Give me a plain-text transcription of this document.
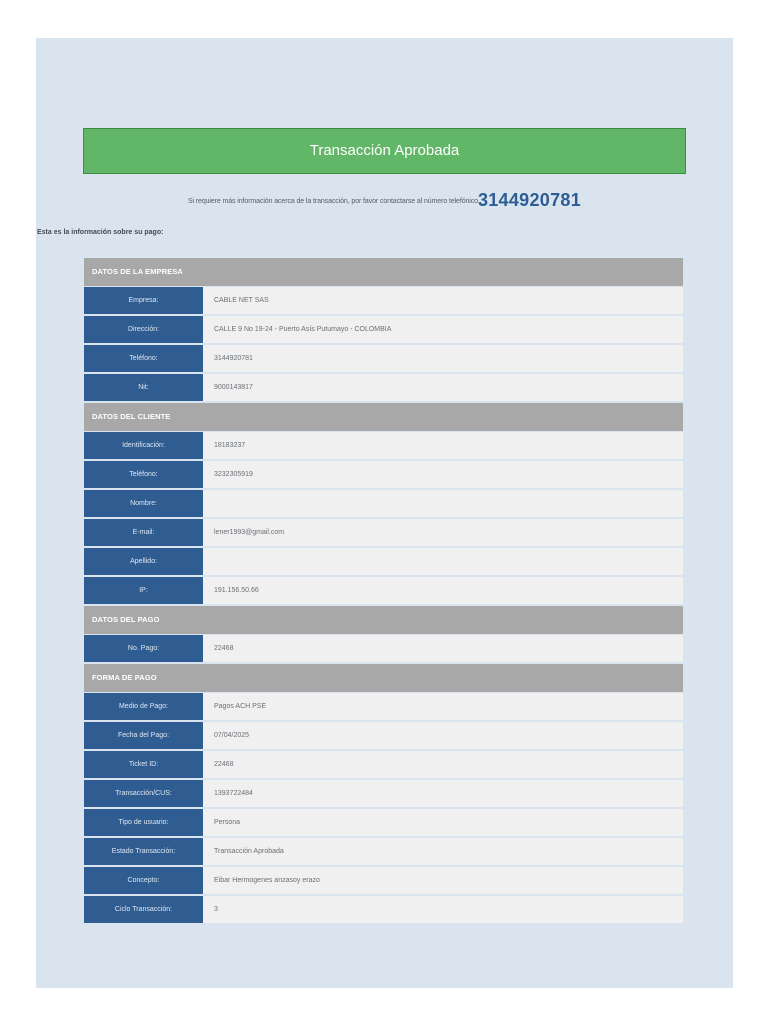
Transacción Aprobada
Si requiere más información acerca de la transacción, por favor contactarse al número telefónico3144920781
Esta es la información sobre su pago:
DATOS DE LA EMPRESA
Empresa:	CABLE NET SAS
Dirección:	CALLE 9 No 19-24 - Puerto Asís Putumayo - COLOMBIA
Teléfono:	3144920781
Nit:	9000143817
DATOS DEL CLIENTE
Identificación:	18183237
Teléfono:	3232305919
Nombre:
E-mail:	lener1993@gmail.com
Apellido:
IP:	191.156.50.66
DATOS DEL PAGO
No. Pago:	22468
FORMA DE PAGO
Medio de Pago:	Pagos ACH PSE
Fecha del Pago:	07/04/2025
Ticket ID:	22468
Transacción/CUS:	1393722484
Tipo de usuario:	Persona
Estado Transacción:	Transacción Aprobada
Concepto:	Eibar Hermogenes anzasoy erazo
Ciclo Transacción:	3
